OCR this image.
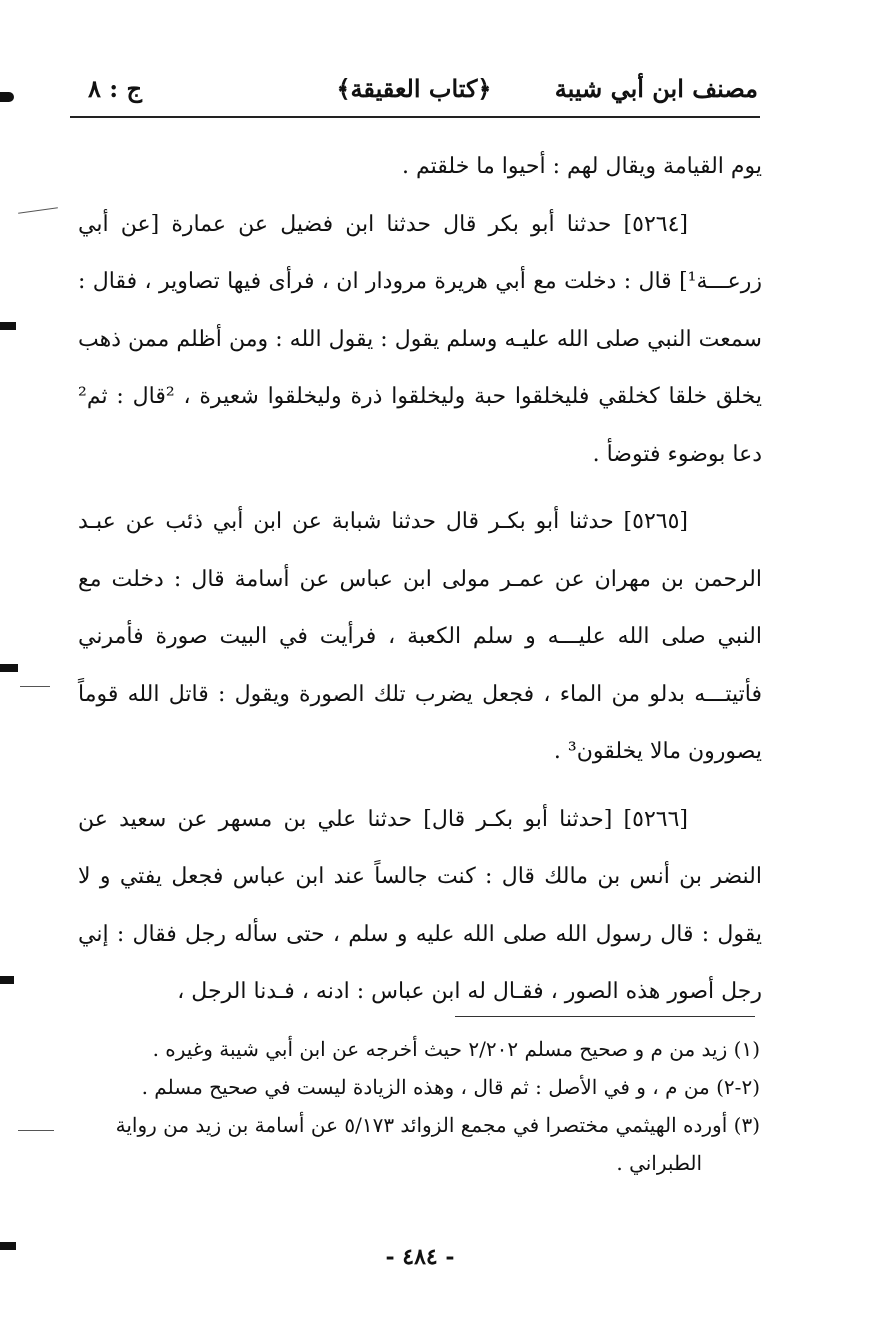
مصنف ابن أبي شيبة
﴿كتاب العقيقة﴾
ج : ٨

يوم القيامة ويقال لهم : أحيوا ما خلقتم .

[٥٢٦٤] حدثنا أبو بكر قال حدثنا ابن فضيل عن عمارة [عن أبي زرعـــة¹] قال : دخلت مع أبي هريرة مرودار ان ، فرأى فيها تصاوير ، فقال : سمعت النبي صلى الله عليـه وسلم يقول : يقول الله : ومن أظلم ممن ذهب يخلق خلقا كخلقي فليخلقوا حبة وليخلقوا ذرة وليخلقوا شعيرة ، ²قال : ثم² دعا بوضوء فتوضأ .

[٥٢٦٥] حدثنا أبو بكـر قال حدثنا شبابة عن ابن أبي ذئب عن عبـد الرحمن بن مهران عن عمـر مولى ابن عباس عن أسامة قال : دخلت مع النبي صلى الله عليـــه و سلم الكعبة ، فرأيت في البيت صورة فأمرني فأتيتـــه بدلو من الماء ، فجعل يضرب تلك الصورة ويقول : قاتل الله قوماً يصورون مالا يخلقون³ .

[٥٢٦٦] [حدثنا أبو بكـر قال] حدثنا علي بن مسهر عن سعيد عن النضر بن أنس بن مالك قال : كنت جالساً عند ابن عباس فجعل يفتي و لا يقول : قال رسول الله صلى الله عليه و سلم ، حتى سأله رجل فقال : إني رجل أصور هذه الصور ، فقـال له ابن عباس : ادنه ، فـدنا الرجل ،

(١) زيد من م و صحيح مسلم ٢/٢٠٢ حيث أخرجه عن ابن أبي شيبة وغيره .

(٢-٢) من م ، و في الأصل : ثم قال ، وهذه الزيادة ليست في صحيح مسلم .

(٣) أورده الهيثمي مختصرا في مجمع الزوائد ٥/١٧٣ عن أسامة بن زيد من رواية

الطبراني .

- ٤٨٤ -
